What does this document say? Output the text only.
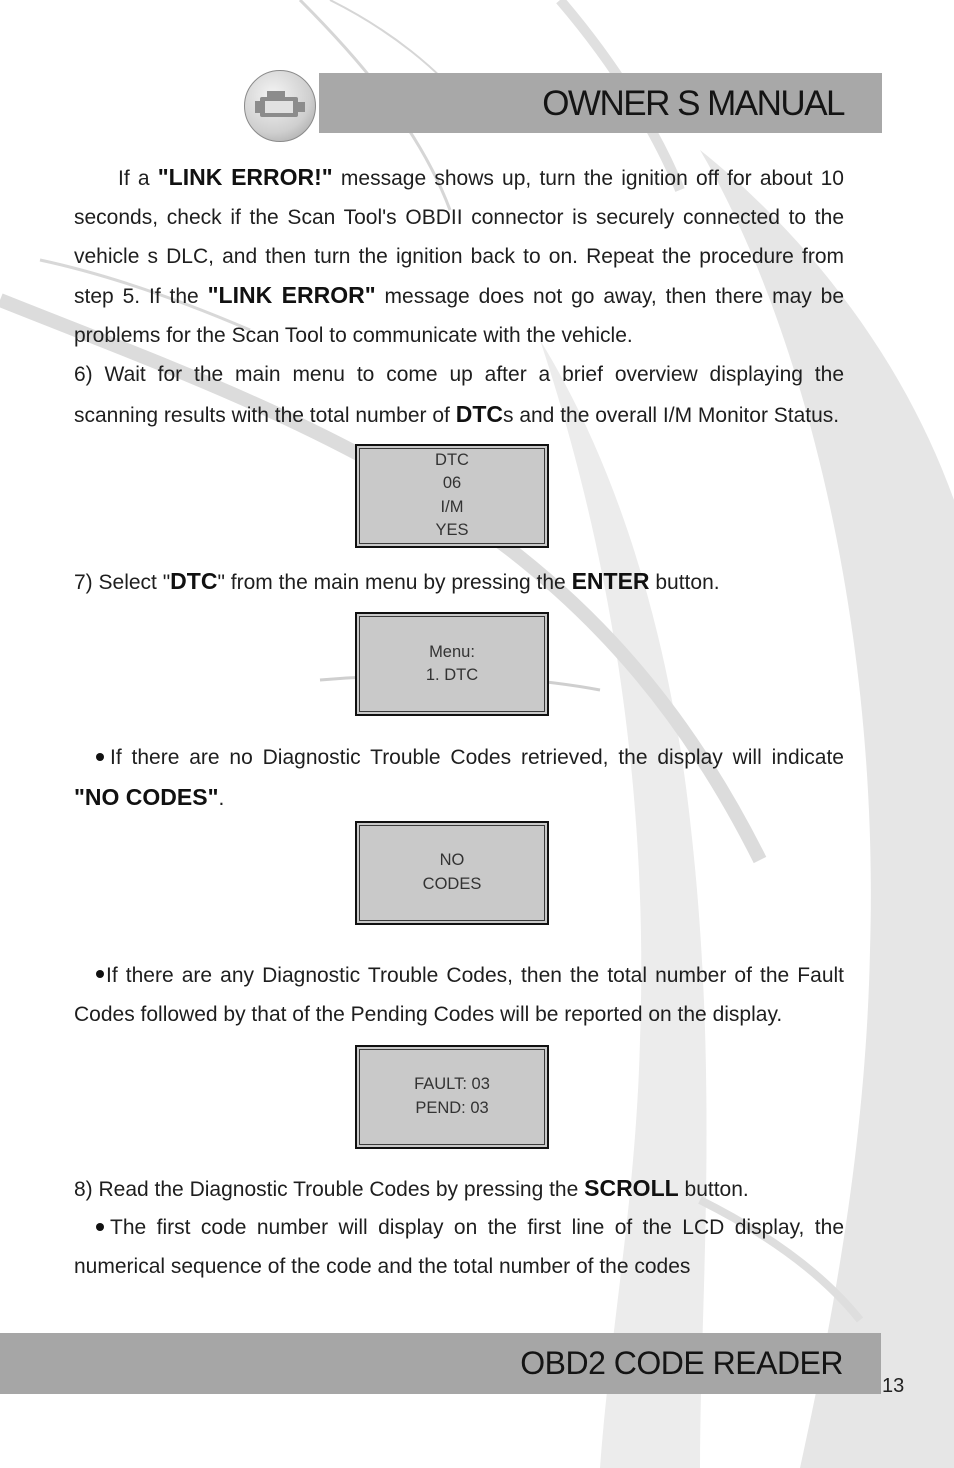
OWNER S MANUAL

If a "LINK ERROR!" message shows up, turn the ignition off for about 10 seconds, check if the Scan Tool's OBDII connector is securely connected to the vehicle s DLC, and then turn the ignition back to on. Repeat the procedure from step 5. If the "LINK ERROR" message does not go away, then there may be problems for the Scan Tool to communicate with the vehicle.

6) Wait for the main menu to come up after a brief overview displaying the scanning results with the total number of DTCs and the overall I/M Monitor Status.

DTC
06
I/M
YES

7) Select "DTC" from the main menu by pressing the ENTER button.

Menu:
1. DTC

If there are no Diagnostic Trouble Codes retrieved, the display will indicate "NO CODES".

NO
CODES

If there are any Diagnostic Trouble Codes, then the total number of the Fault Codes followed by that of the Pending Codes will be reported on the display.

FAULT: 03
PEND: 03

8) Read the Diagnostic Trouble Codes by pressing the SCROLL button.

The first code number will display on the first line of the LCD display, the numerical sequence of the code and the total number of the codes

OBD2 CODE READER
13
